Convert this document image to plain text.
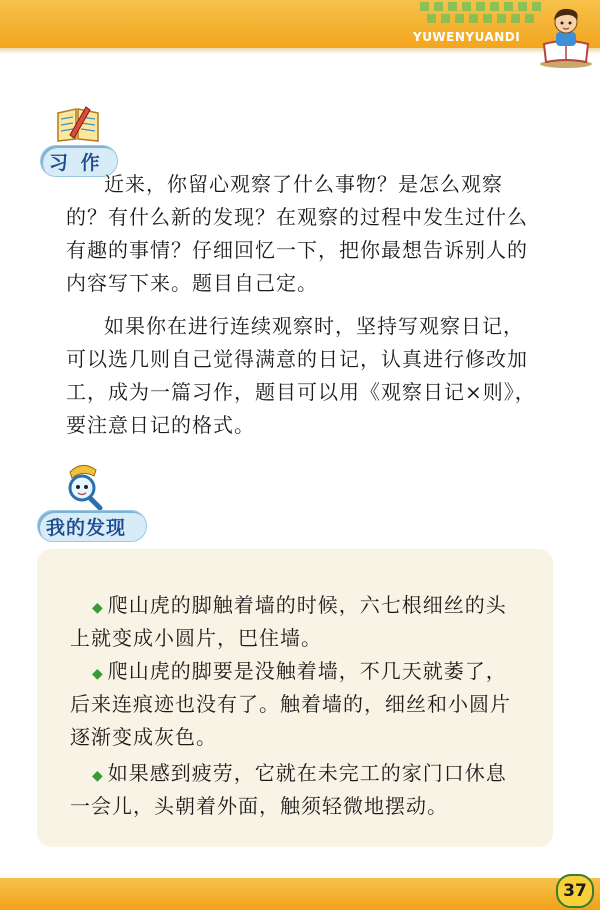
YUWENYUANDI
习 作

近来，你留心观察了什么事物？是怎么观察
的？有什么新的发现？在观察的过程中发生过什么
有趣的事情？仔细回忆一下，把你最想告诉别人的
内容写下来。题目自己定。

如果你在进行连续观察时，坚持写观察日记，
可以选几则自己觉得满意的日记，认真进行修改加
工，成为一篇习作，题目可以用《观察日记×则》，
要注意日记的格式。

我的发现
◆ 爬山虎的脚触着墙的时候，六七根细丝的头
上就变成小圆片，巴住墙。
◆ 爬山虎的脚要是没触着墙，不几天就萎了，
后来连痕迹也没有了。触着墙的，细丝和小圆片
逐渐变成灰色。
◆ 如果感到疲劳，它就在未完工的家门口休息
一会儿，头朝着外面，触须轻微地摆动。
37
